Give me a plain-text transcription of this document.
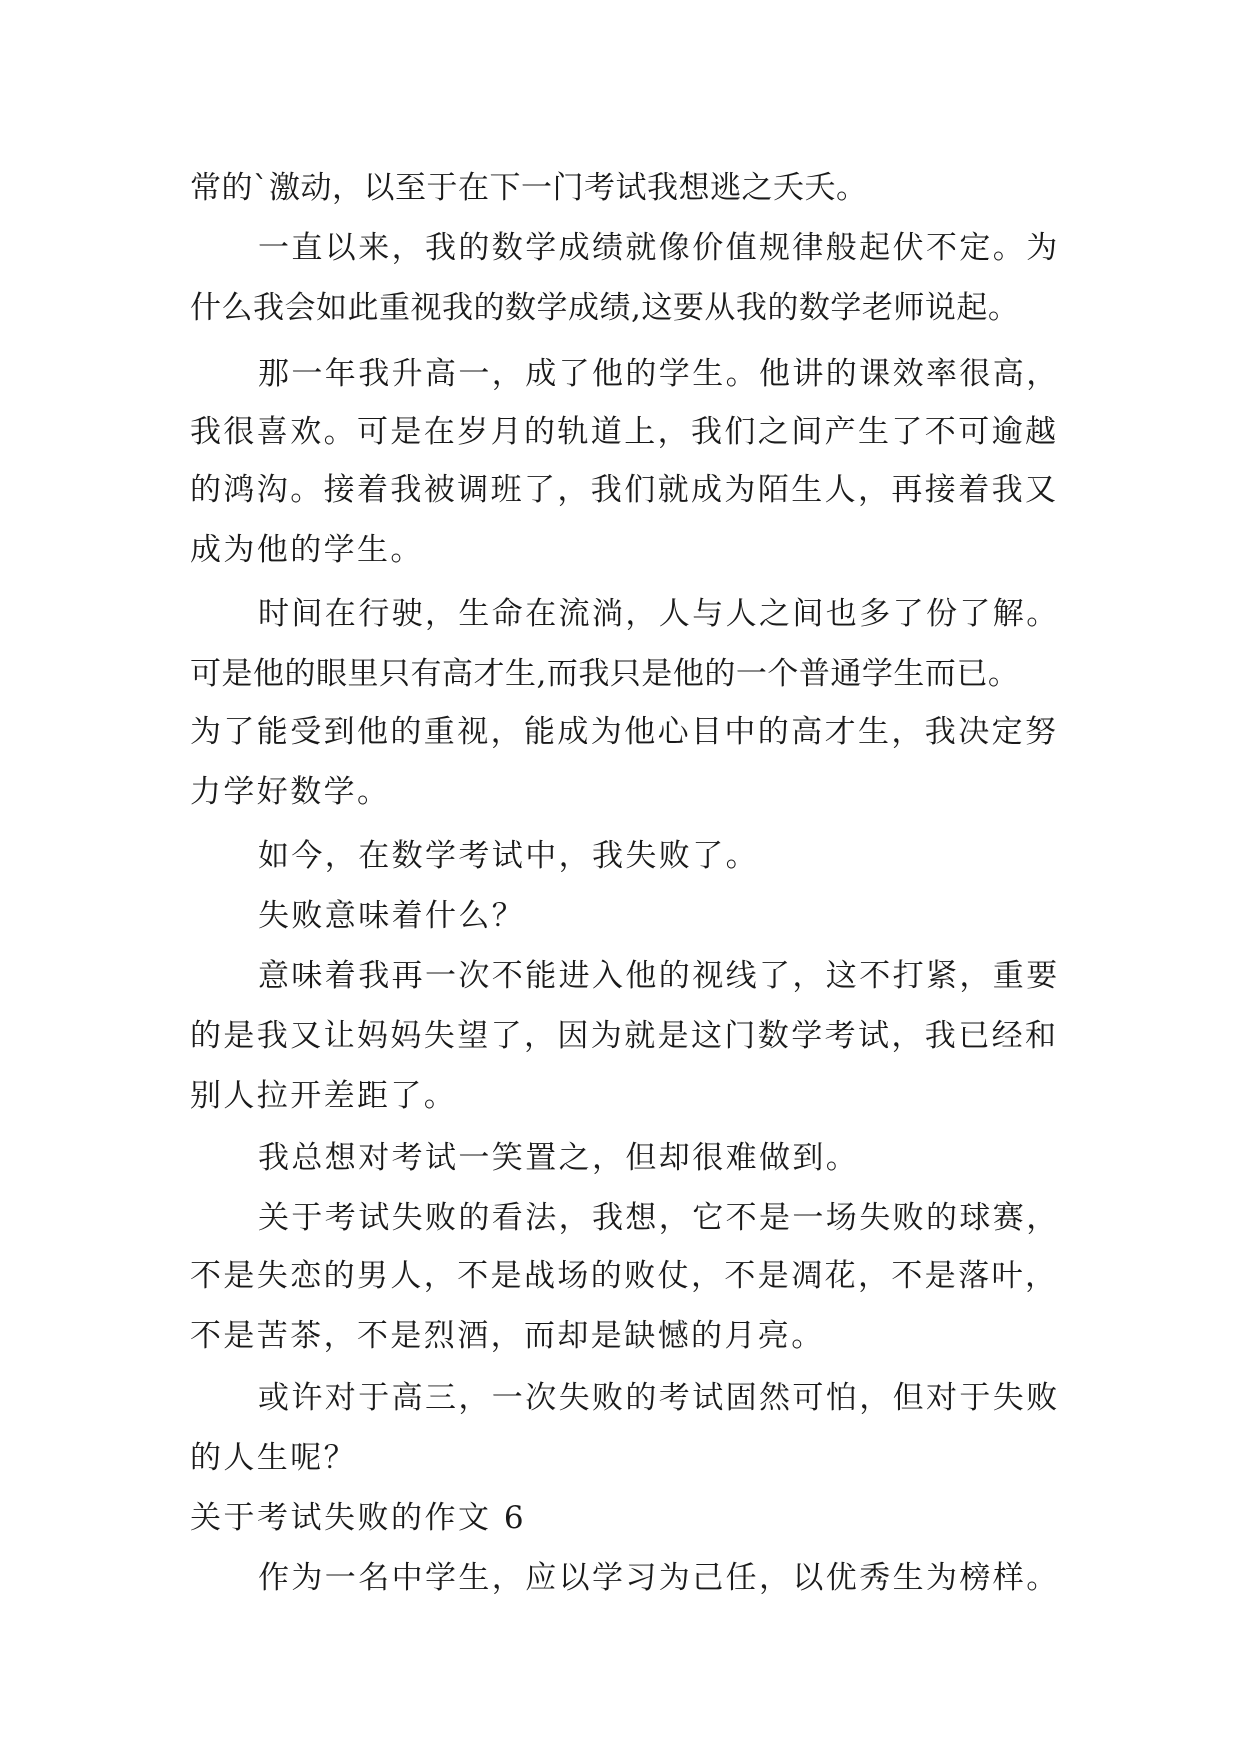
常的`激动，以至于在下一门考试我想逃之夭夭。
一直以来，我的数学成绩就像价值规律般起伏不定。为
什么我会如此重视我的数学成绩,这要从我的数学老师说起。
那一年我升高一，成了他的学生。他讲的课效率很高，
我很喜欢。可是在岁月的轨道上，我们之间产生了不可逾越
的鸿沟。接着我被调班了，我们就成为陌生人，再接着我又
成为他的学生。
时间在行驶，生命在流淌，人与人之间也多了份了解。
可是他的眼里只有高才生,而我只是他的一个普通学生而已。
为了能受到他的重视，能成为他心目中的高才生，我决定努
力学好数学。
如今，在数学考试中，我失败了。
失败意味着什么？
意味着我再一次不能进入他的视线了，这不打紧，重要
的是我又让妈妈失望了，因为就是这门数学考试，我已经和
别人拉开差距了。
我总想对考试一笑置之，但却很难做到。
关于考试失败的看法，我想，它不是一场失败的球赛，
不是失恋的男人，不是战场的败仗，不是凋花，不是落叶，
不是苦茶，不是烈酒，而却是缺憾的月亮。
或许对于高三，一次失败的考试固然可怕，但对于失败
的人生呢？
关于考试失败的作文 6
作为一名中学生，应以学习为己任，以优秀生为榜样。
